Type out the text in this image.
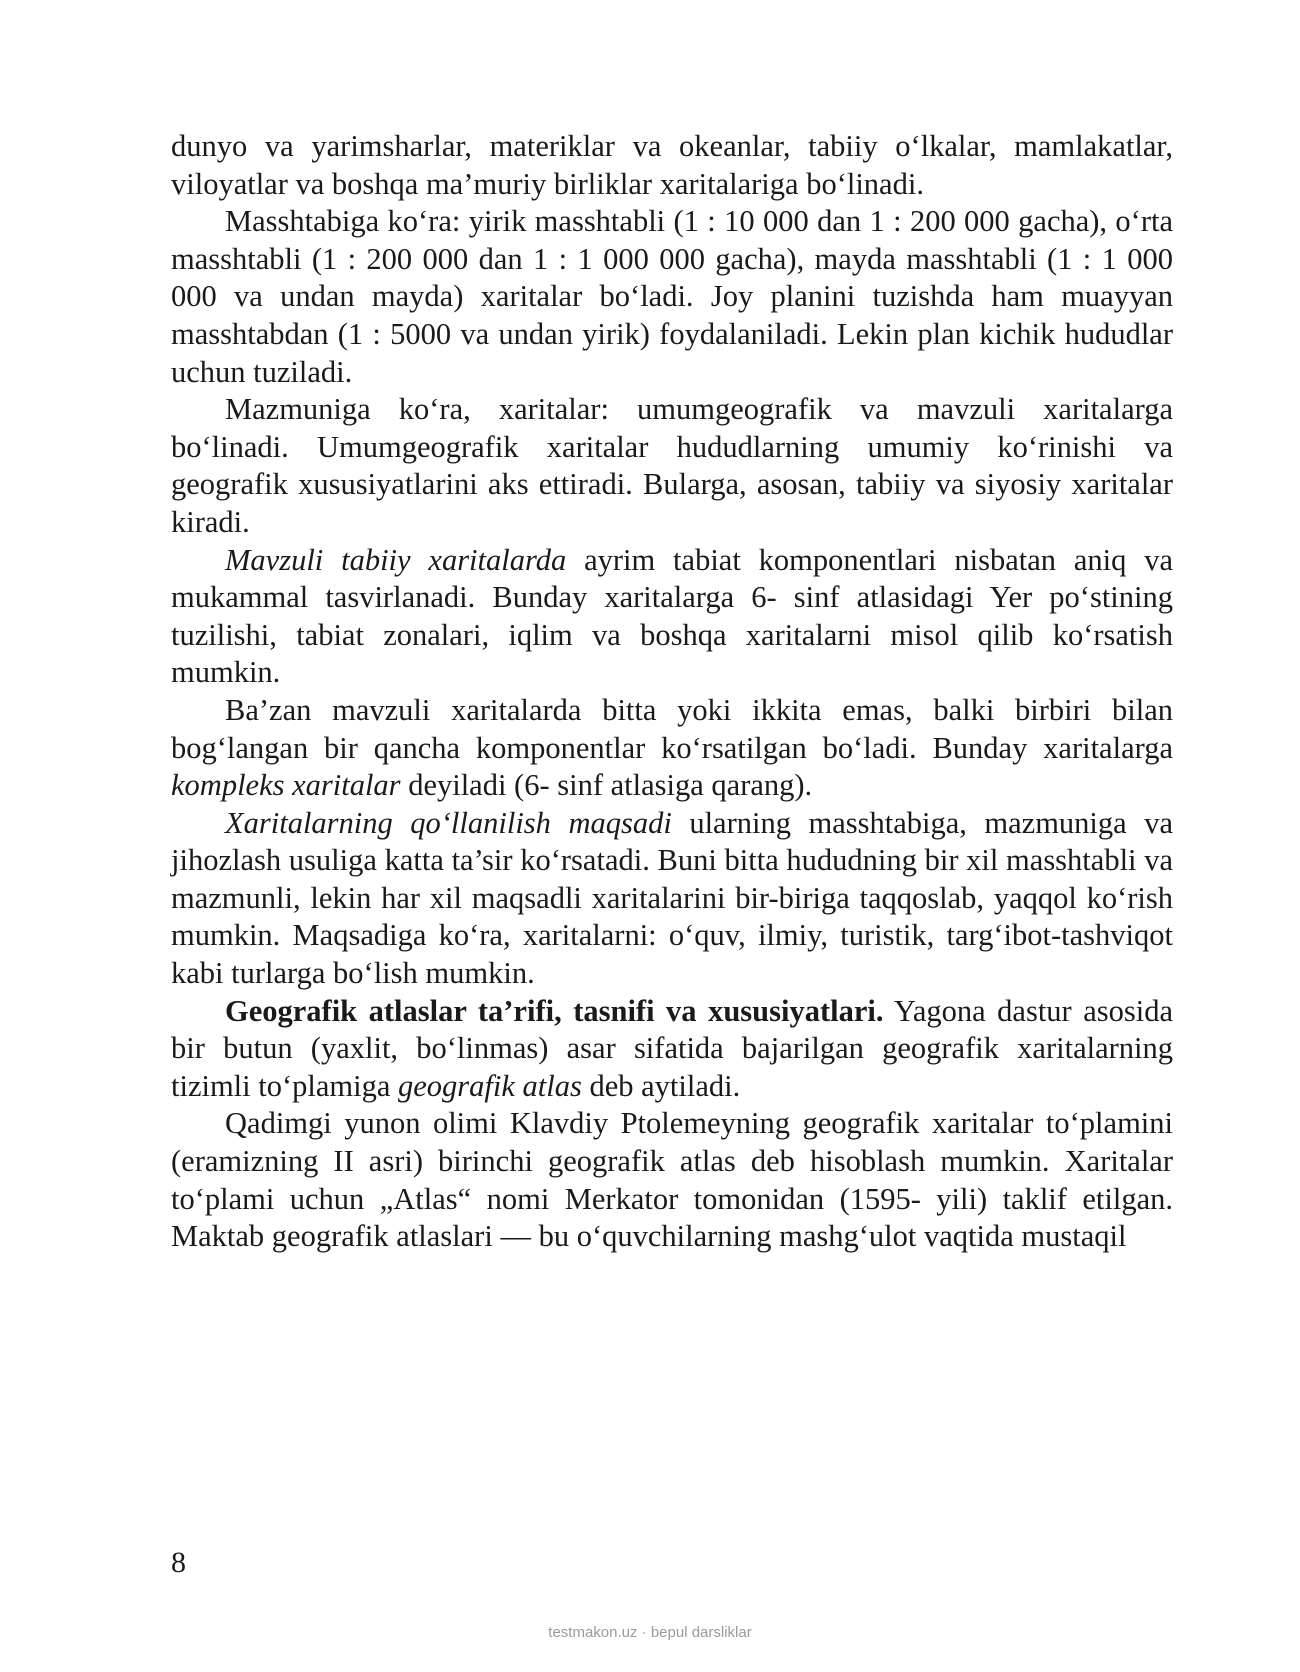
dunyo va yarimsharlar, materiklar va okeanlar, tabiiy o‘lkalar, mamlakatlar, viloyatlar va boshqa ma’muriy birliklar xaritalariga bo‘linadi.

Masshtabiga ko‘ra: yirik masshtabli (1 : 10 000 dan 1 : 200 000 gacha), o‘rta masshtabli (1 : 200 000 dan 1 : 1 000 000 gacha), mayda masshtabli (1 : 1 000 000 va undan mayda) xaritalar bo‘ladi. Joy planini tuzishda ham muayyan masshtabdan (1 : 5000 va undan yirik) foydalaniladi. Lekin plan kichik hududlar uchun tuziladi.

Mazmuniga ko‘ra, xaritalar: umumgeografik va mavzuli xaritalarga bo‘linadi. Umumgeografik xaritalar hududlarning umumiy ko‘rinishi va geografik xususiyatlarini aks ettiradi. Bularga, asosan, tabiiy va siyosiy xaritalar kiradi.

Mavzuli tabiiy xaritalarda ayrim tabiat komponentlari nisbatan aniq va mukammal tasvirlanadi. Bunday xaritalarga 6- sinf atlasidagi Yer po‘stining tuzilishi, tabiat zonalari, iqlim va boshqa xaritalarni misol qilib ko‘rsatish mumkin.

Ba’zan mavzuli xaritalarda bitta yoki ikkita emas, balki birbiri bilan bog‘langan bir qancha komponentlar ko‘rsatilgan bo‘ladi. Bunday xaritalarga kompleks xaritalar deyiladi (6- sinf atlasiga qarang).

Xaritalarning qo‘llanilish maqsadi ularning masshtabiga, mazmuniga va jihozlash usuliga katta ta’sir ko‘rsatadi. Buni bitta hududning bir xil masshtabli va mazmunli, lekin har xil maqsadli xaritalarini bir-biriga taqqoslab, yaqqol ko‘rish mumkin. Maqsadiga ko‘ra, xaritalarni: o‘quv, ilmiy, turistik, targ‘ibot-tashviqot kabi turlarga bo‘lish mumkin.

Geografik atlaslar ta’rifi, tasnifi va xususiyatlari. Yagona dastur asosida bir butun (yaxlit, bo‘linmas) asar sifatida bajarilgan geografik xaritalarning tizimli to‘plamiga geografik atlas deb aytiladi.

Qadimgi yunon olimi Klavdiy Ptolemeyning geografik xaritalar to‘plamini (eramizning II asri) birinchi geografik atlas deb hisoblash mumkin. Xaritalar to‘plami uchun „Atlas“ nomi Merkator tomonidan (1595- yili) taklif etilgan. Maktab geografik atlaslari — bu o‘quvchilarning mashg‘ulot vaqtida mustaqil

8
testmakon.uz · bepul darsliklar
